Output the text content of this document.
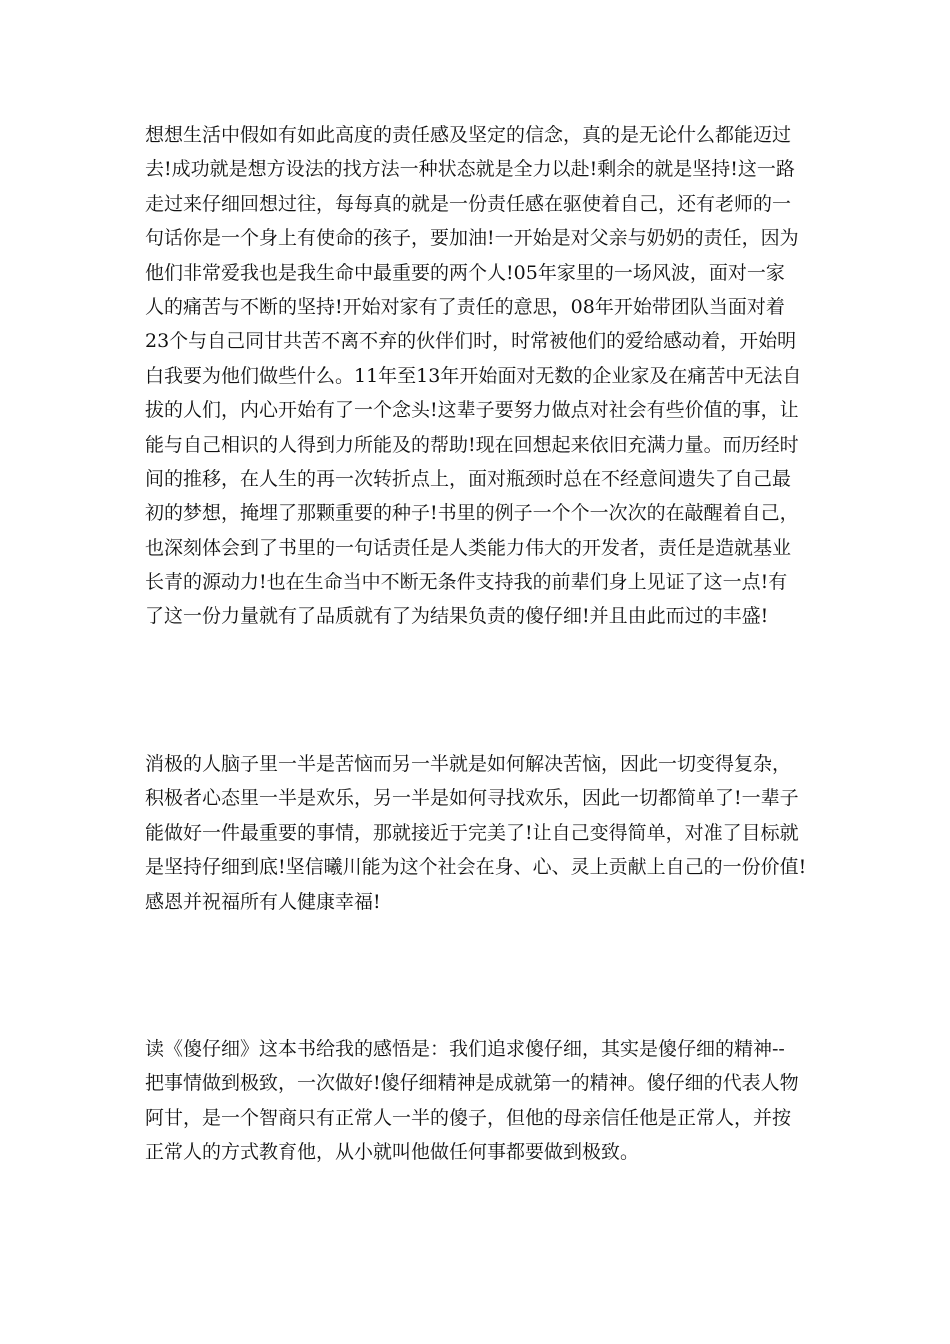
想想生活中假如有如此高度的责任感及坚定的信念，真的是无论什么都能迈过
去!成功就是想方设法的找方法一种状态就是全力以赴!剩余的就是坚持!这一路
走过来仔细回想过往，每每真的就是一份责任感在驱使着自己，还有老师的一
句话你是一个身上有使命的孩子，要加油!一开始是对父亲与奶奶的责任，因为
他们非常爱我也是我生命中最重要的两个人!05年家里的一场风波，面对一家
人的痛苦与不断的坚持!开始对家有了责任的意思，08年开始带团队当面对着
23个与自己同甘共苦不离不弃的伙伴们时，时常被他们的爱给感动着，开始明
白我要为他们做些什么。11年至13年开始面对无数的企业家及在痛苦中无法自
拔的人们，内心开始有了一个念头!这辈子要努力做点对社会有些价值的事，让
能与自己相识的人得到力所能及的帮助!现在回想起来依旧充满力量。而历经时
间的推移，在人生的再一次转折点上，面对瓶颈时总在不经意间遗失了自己最
初的梦想，掩埋了那颗重要的种子!书里的例子一个个一次次的在敲醒着自己，
也深刻体会到了书里的一句话责任是人类能力伟大的开发者，责任是造就基业
长青的源动力!也在生命当中不断无条件支持我的前辈们身上见证了这一点!有
了这一份力量就有了品质就有了为结果负责的傻仔细!并且由此而过的丰盛!

消极的人脑子里一半是苦恼而另一半就是如何解决苦恼，因此一切变得复杂，
积极者心态里一半是欢乐，另一半是如何寻找欢乐，因此一切都简单了!一辈子
能做好一件最重要的事情，那就接近于完美了!让自己变得简单，对准了目标就
是坚持仔细到底!坚信曦川能为这个社会在身、心、灵上贡献上自己的一份价值!
感恩并祝福所有人健康幸福!

读《傻仔细》这本书给我的感悟是：我们追求傻仔细，其实是傻仔细的精神--
把事情做到极致，一次做好!傻仔细精神是成就第一的精神。傻仔细的代表人物
阿甘，是一个智商只有正常人一半的傻子，但他的母亲信任他是正常人，并按
正常人的方式教育他，从小就叫他做任何事都要做到极致。
